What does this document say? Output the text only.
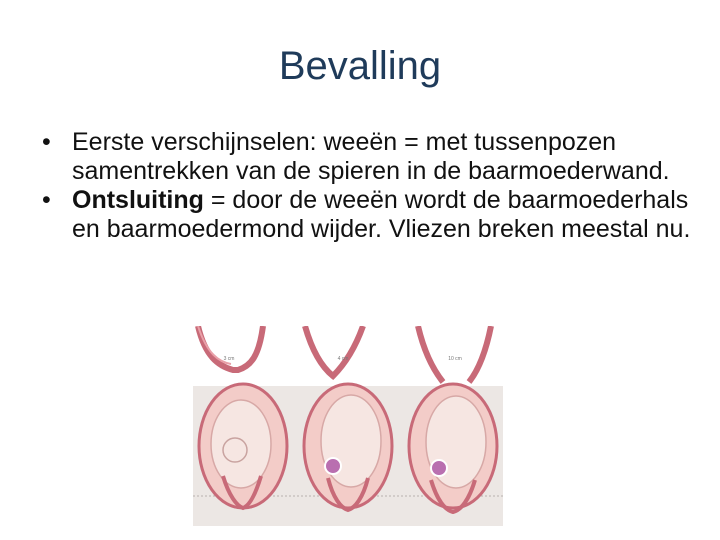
Bevalling
• Eerste verschijnselen: weeën = met tussenpozen samentrekken van de spieren in de baarmoederwand.
• Ontsluiting = door de weeën wordt de baarmoederhals en baarmoedermond wijder. Vliezen breken meestal nu.
3 cm	4 cm	10 cm
